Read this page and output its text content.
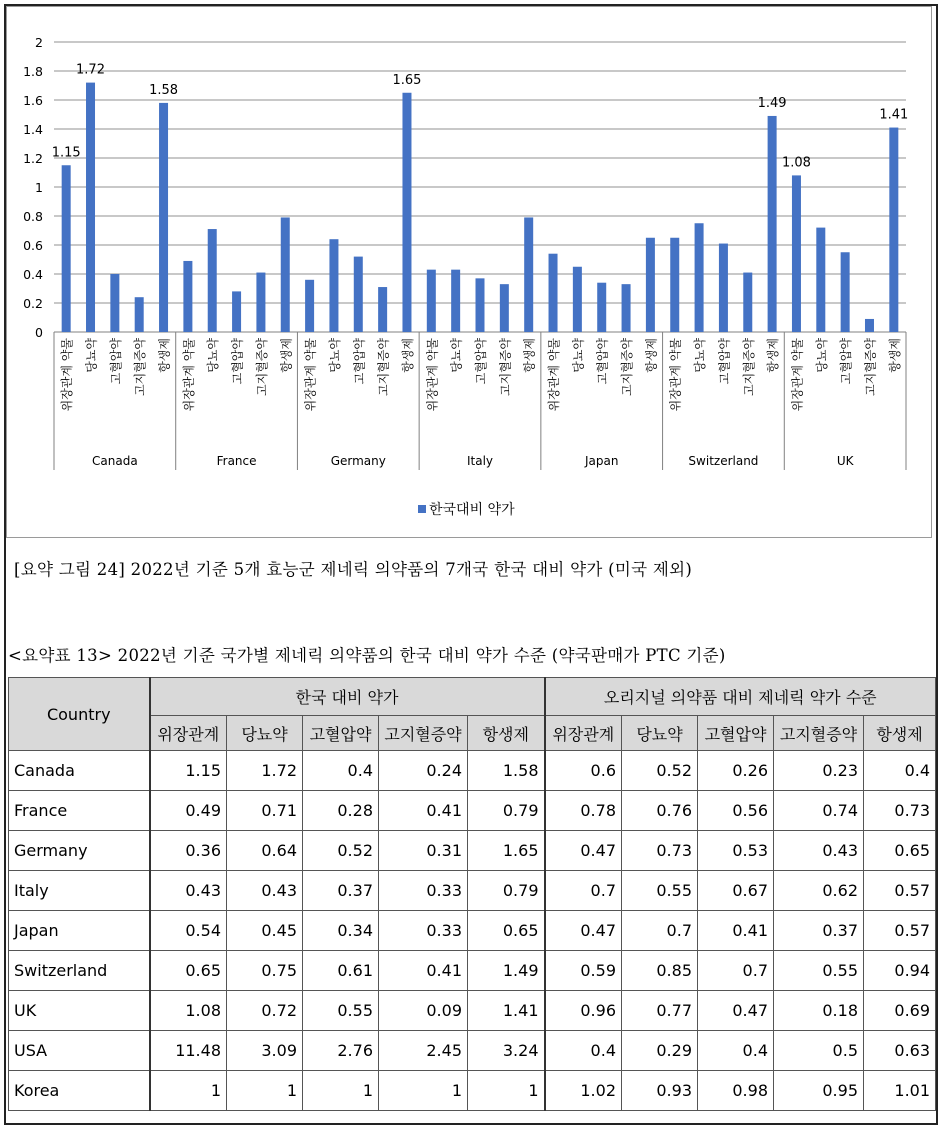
0
0.2
0.4
0.6
0.8
1
1.2
1.4
1.6
1.8
2
위장관계 약물 당뇨약 고혈압약 고지혈증약 항생제
Canada
위장관계 약물 당뇨약 고혈압약 고지혈증약 항생제
France
위장관계 약물 당뇨약 고혈압약 고지혈증약 항생제
Germany
위장관계 약물 당뇨약 고혈압약 고지혈증약 항생제
Italy
위장관계 약물 당뇨약 고혈압약 고지혈증약 항생제
Japan
위장관계 약물 당뇨약 고혈압약 고지혈증약 항생제
Switzerland
위장관계 약물 당뇨약 고혈압약 고지혈증약 항생제
UK
1.15
1.72
1.58
1.65
1.49
1.08
1.41
한국대비 약가
[요약 그림 24] 2022년 기준 5개 효능군 제네릭 의약품의 7개국 한국 대비 약가 (미국 제외)
<요약표 13> 2022년 기준 국가별 제네릭 의약품의 한국 대비 약가 수준 (약국판매가 PTC 기준)
Country	한국 대비 약가					오리지널 의약품 대비 제네릭 약가 수준				
	위장관계	당뇨약	고혈압약	고지혈증약	항생제	위장관계	당뇨약	고혈압약	고지혈증약	항생제
Canada	1.15	1.72	0.4	0.24	1.58	0.6	0.52	0.26	0.23	0.4
France	0.49	0.71	0.28	0.41	0.79	0.78	0.76	0.56	0.74	0.73
Germany	0.36	0.64	0.52	0.31	1.65	0.47	0.73	0.53	0.43	0.65
Italy	0.43	0.43	0.37	0.33	0.79	0.7	0.55	0.67	0.62	0.57
Japan	0.54	0.45	0.34	0.33	0.65	0.47	0.7	0.41	0.37	0.57
Switzerland	0.65	0.75	0.61	0.41	1.49	0.59	0.85	0.7	0.55	0.94
UK	1.08	0.72	0.55	0.09	1.41	0.96	0.77	0.47	0.18	0.69
USA	11.48	3.09	2.76	2.45	3.24	0.4	0.29	0.4	0.5	0.63
Korea	1	1	1	1	1	1.02	0.93	0.98	0.95	1.01
